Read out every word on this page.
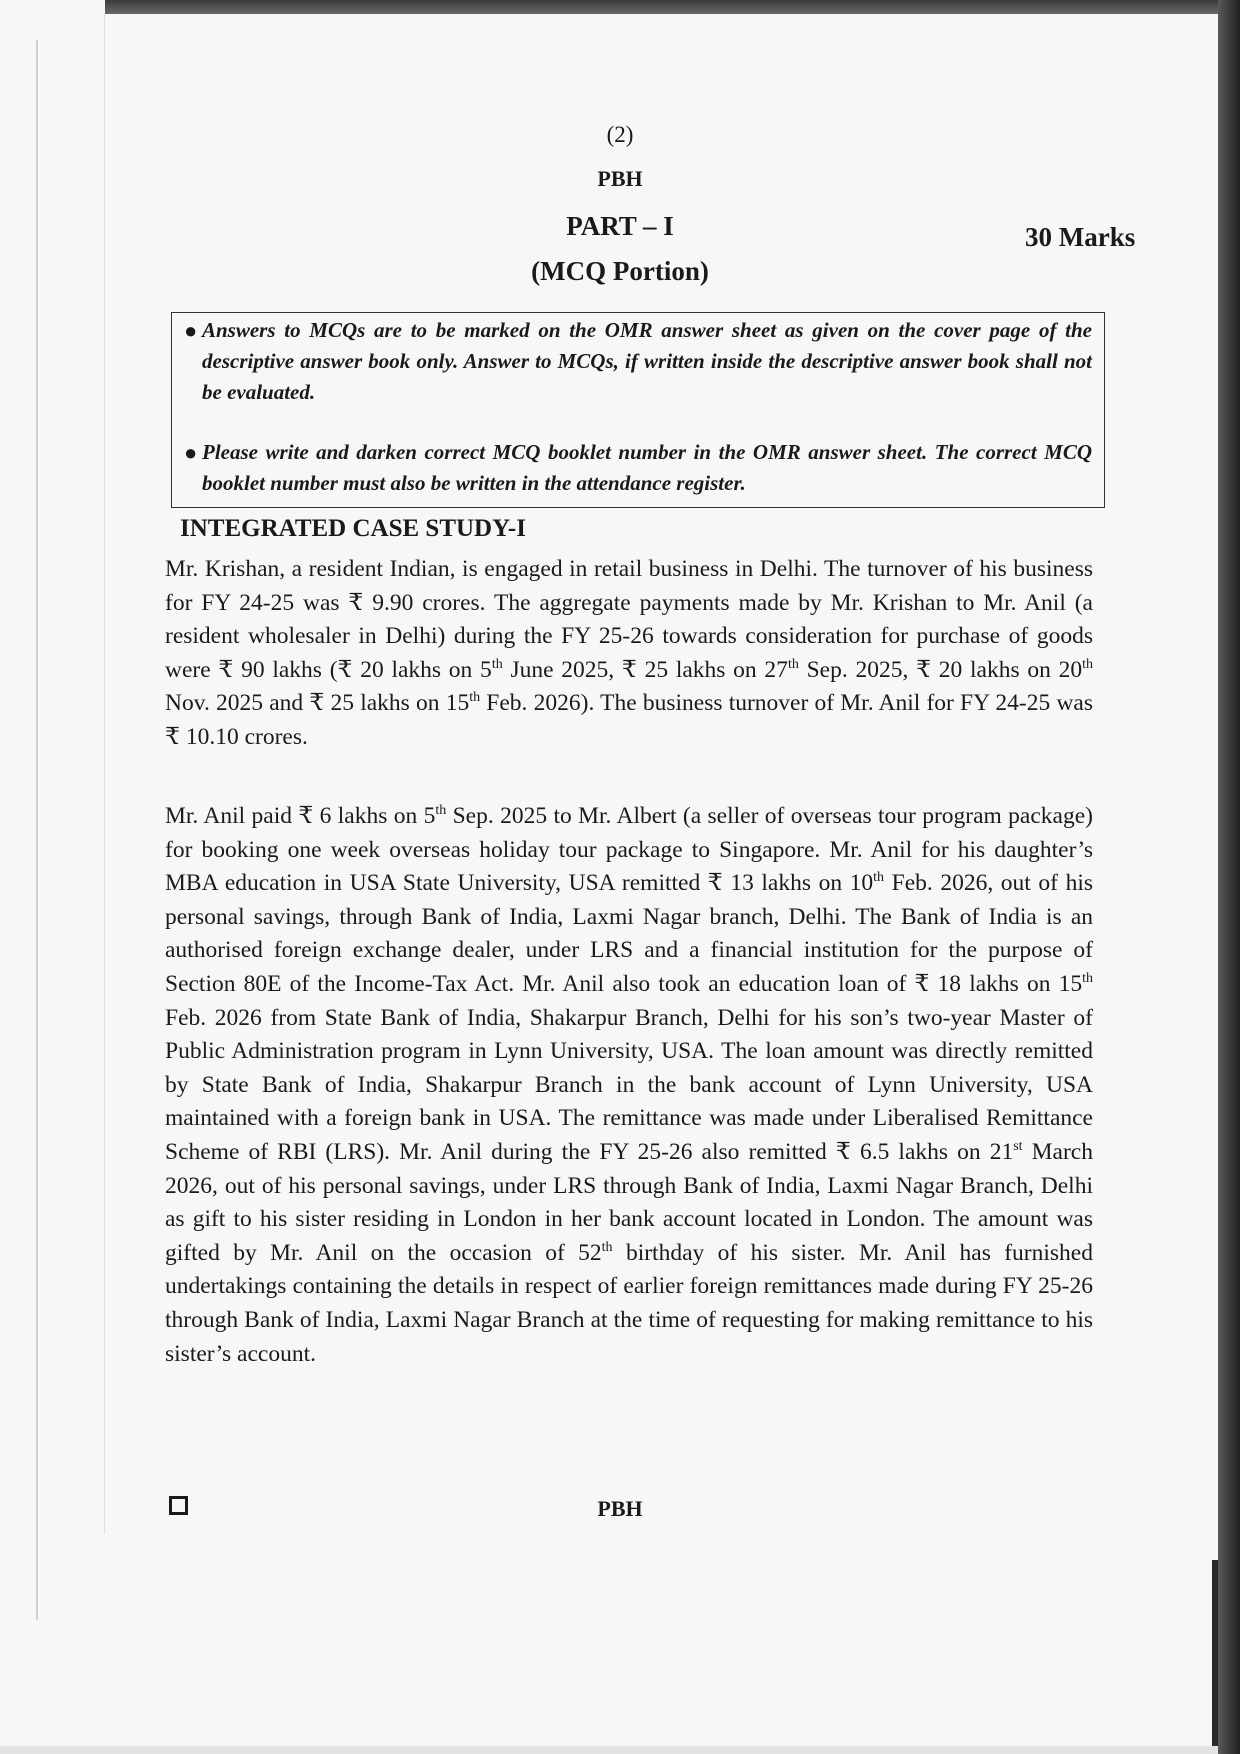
(2)
PBH
PART – I
(MCQ Portion)
30 Marks
● Answers to MCQs are to be marked on the OMR answer sheet as given on the cover page of the descriptive answer book only. Answer to MCQs, if written inside the descriptive answer book shall not be evaluated.
● Please write and darken correct MCQ booklet number in the OMR answer sheet. The correct MCQ booklet number must also be written in the attendance register.
INTEGRATED CASE STUDY-I
Mr. Krishan, a resident Indian, is engaged in retail business in Delhi. The turnover of his business for FY 24-25 was ₹ 9.90 crores. The aggregate payments made by Mr. Krishan to Mr. Anil (a resident wholesaler in Delhi) during the FY 25-26 towards consideration for purchase of goods were ₹ 90 lakhs (₹ 20 lakhs on 5th June 2025, ₹ 25 lakhs on 27th Sep. 2025, ₹ 20 lakhs on 20th Nov. 2025 and ₹ 25 lakhs on 15th Feb. 2026). The business turnover of Mr. Anil for FY 24-25 was ₹ 10.10 crores.
Mr. Anil paid ₹ 6 lakhs on 5th Sep. 2025 to Mr. Albert (a seller of overseas tour program package) for booking one week overseas holiday tour package to Singapore. Mr. Anil for his daughter’s MBA education in USA State University, USA remitted ₹ 13 lakhs on 10th Feb. 2026, out of his personal savings, through Bank of India, Laxmi Nagar branch, Delhi. The Bank of India is an authorised foreign exchange dealer, under LRS and a financial institution for the purpose of Section 80E of the Income-Tax Act. Mr. Anil also took an education loan of ₹ 18 lakhs on 15th Feb. 2026 from State Bank of India, Shakarpur Branch, Delhi for his son’s two-year Master of Public Administration program in Lynn University, USA. The loan amount was directly remitted by State Bank of India, Shakarpur Branch in the bank account of Lynn University, USA maintained with a foreign bank in USA. The remittance was made under Liberalised Remittance Scheme of RBI (LRS). Mr. Anil during the FY 25-26 also remitted ₹ 6.5 lakhs on 21st March 2026, out of his personal savings, under LRS through Bank of India, Laxmi Nagar Branch, Delhi as gift to his sister residing in London in her bank account located in London. The amount was gifted by Mr. Anil on the occasion of 52th birthday of his sister. Mr. Anil has furnished undertakings containing the details in respect of earlier foreign remittances made during FY 25-26 through Bank of India, Laxmi Nagar Branch at the time of requesting for making remittance to his sister’s account.
PBH
